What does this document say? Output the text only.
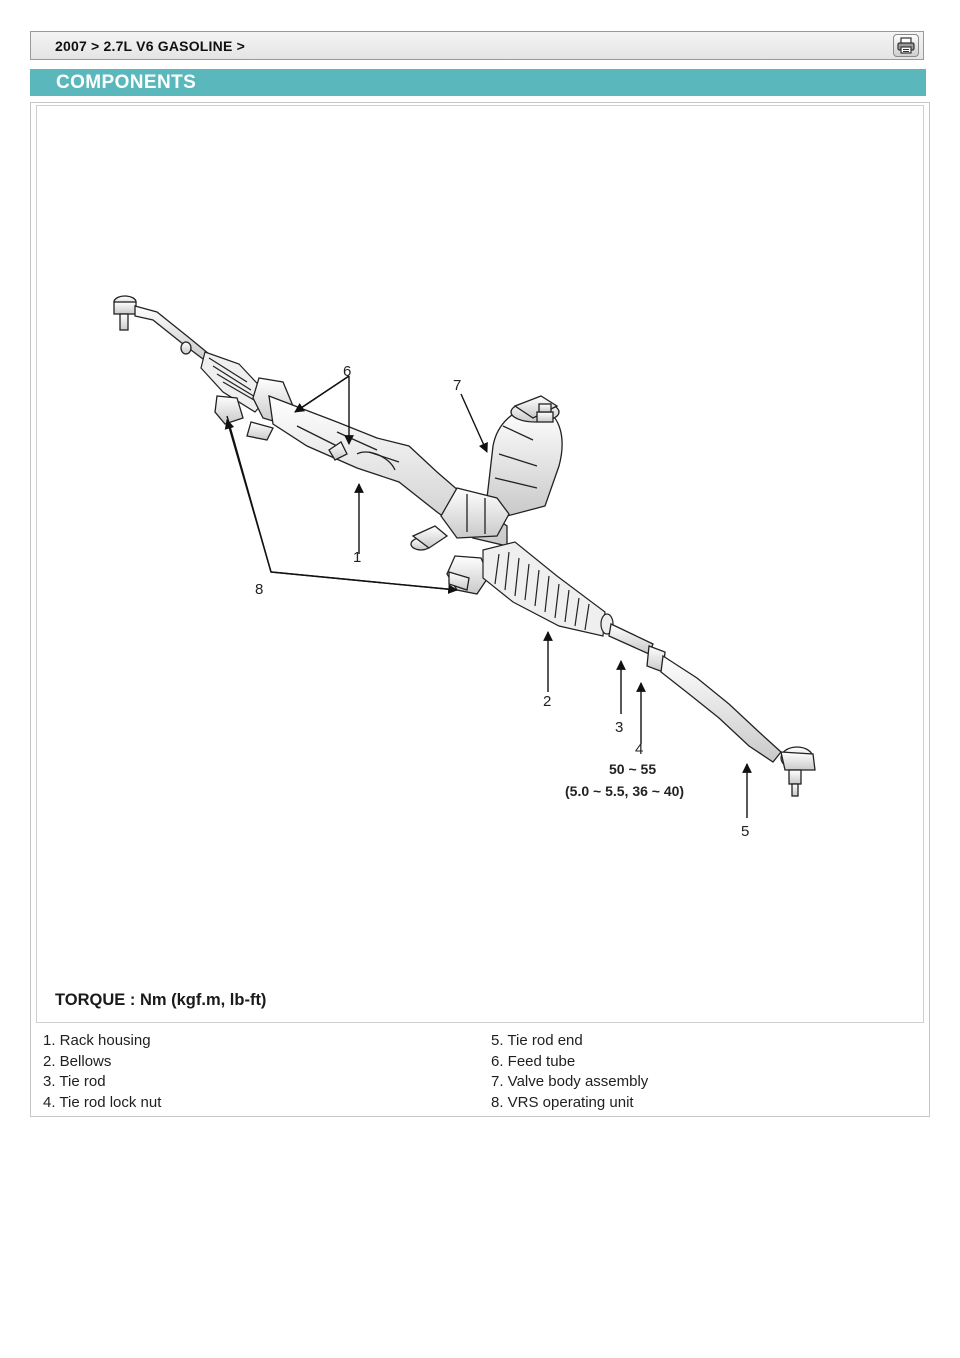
2007 > 2.7L V6 GASOLINE >
COMPONENTS
1
2
3
4
5
6
7
8
50 ~ 55
(5.0 ~ 5.5, 36 ~ 40)
TORQUE : Nm (kgf.m, lb-ft)
1. Rack housing
2. Bellows
3. Tie rod
4. Tie rod lock nut
5. Tie rod end
6. Feed tube
7. Valve body assembly
8. VRS operating unit
